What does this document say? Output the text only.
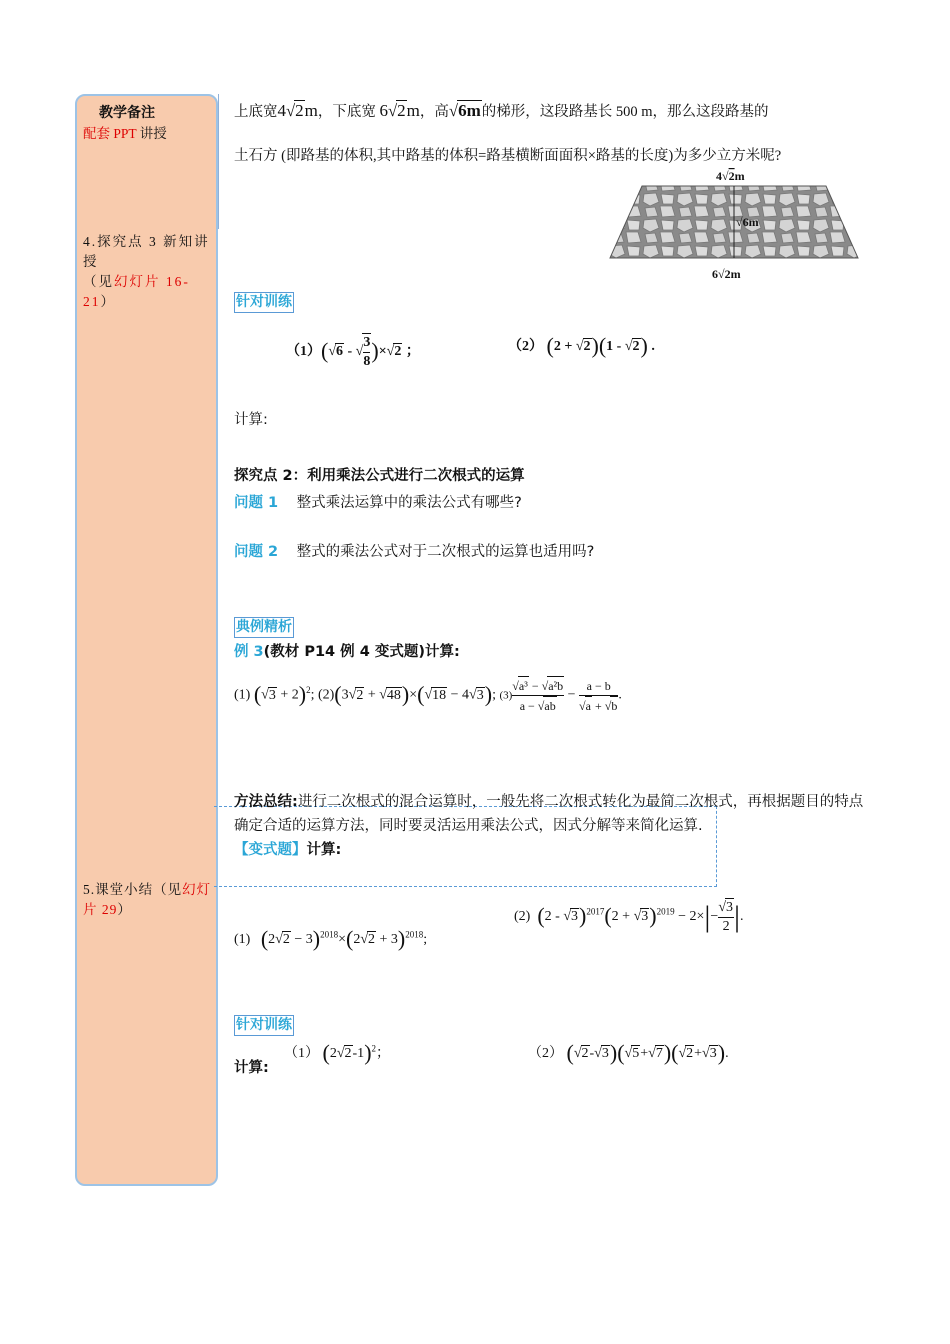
教学备注
配套 PPT 讲授
4.探究点 3 新知讲授
（见幻灯片 16-21）
5.课堂小结（见幻灯片 29）
上底宽4√2m，下底宽 6√2m，高√6m的梯形，这段路基长 500 m，那么这段路基的
土石方 (即路基的体积,其中路基的体积=路基横断面面积×路基的长度)为多少立方米呢?
4√2m
√6m
6√2m
针对训练
（1）(√6 - √ $\frac{3}{8} )\times√2$ ；	（2） (2 + √2)(1 - √2) .
计算:
探究点 2：利用乘法公式进行二次根式的运算
问题 1 整式乘法运算中的乘法公式有哪些?
问题 2 整式的乘法公式对于二次根式的运算也适用吗?
典例精析
例 3(教材 P14 例 4 变式题)计算:
(1) $(√3 + 2)^2$; (2)(3√2 + √48)×(√18 − 4√3); $(3) \frac{\text{√a³ − √a²b}}{a - √ab} - \frac{a - b}{√a + √b}$ .
方法总结:进行二次根式的混合运算时，一般先将二次根式转化为最简二次根式，再根据题目的特点确定合适的运算方法，同时要灵活运用乘法公式，因式分解等来简化运算.
【变式题】计算:
(1) $(2√2 - 3)^{2018}\times(2√2 + 3)^{2018}$;
(2) $(2 - √3)^{2017}(2 + √3)^{2019} - 2\times|- \frac{√3}{2}$ |.
针对训练
计算:
（1） $(2√2-1)^2$；	（2） (√2-√3)(√5+√7)(√2+√3).
